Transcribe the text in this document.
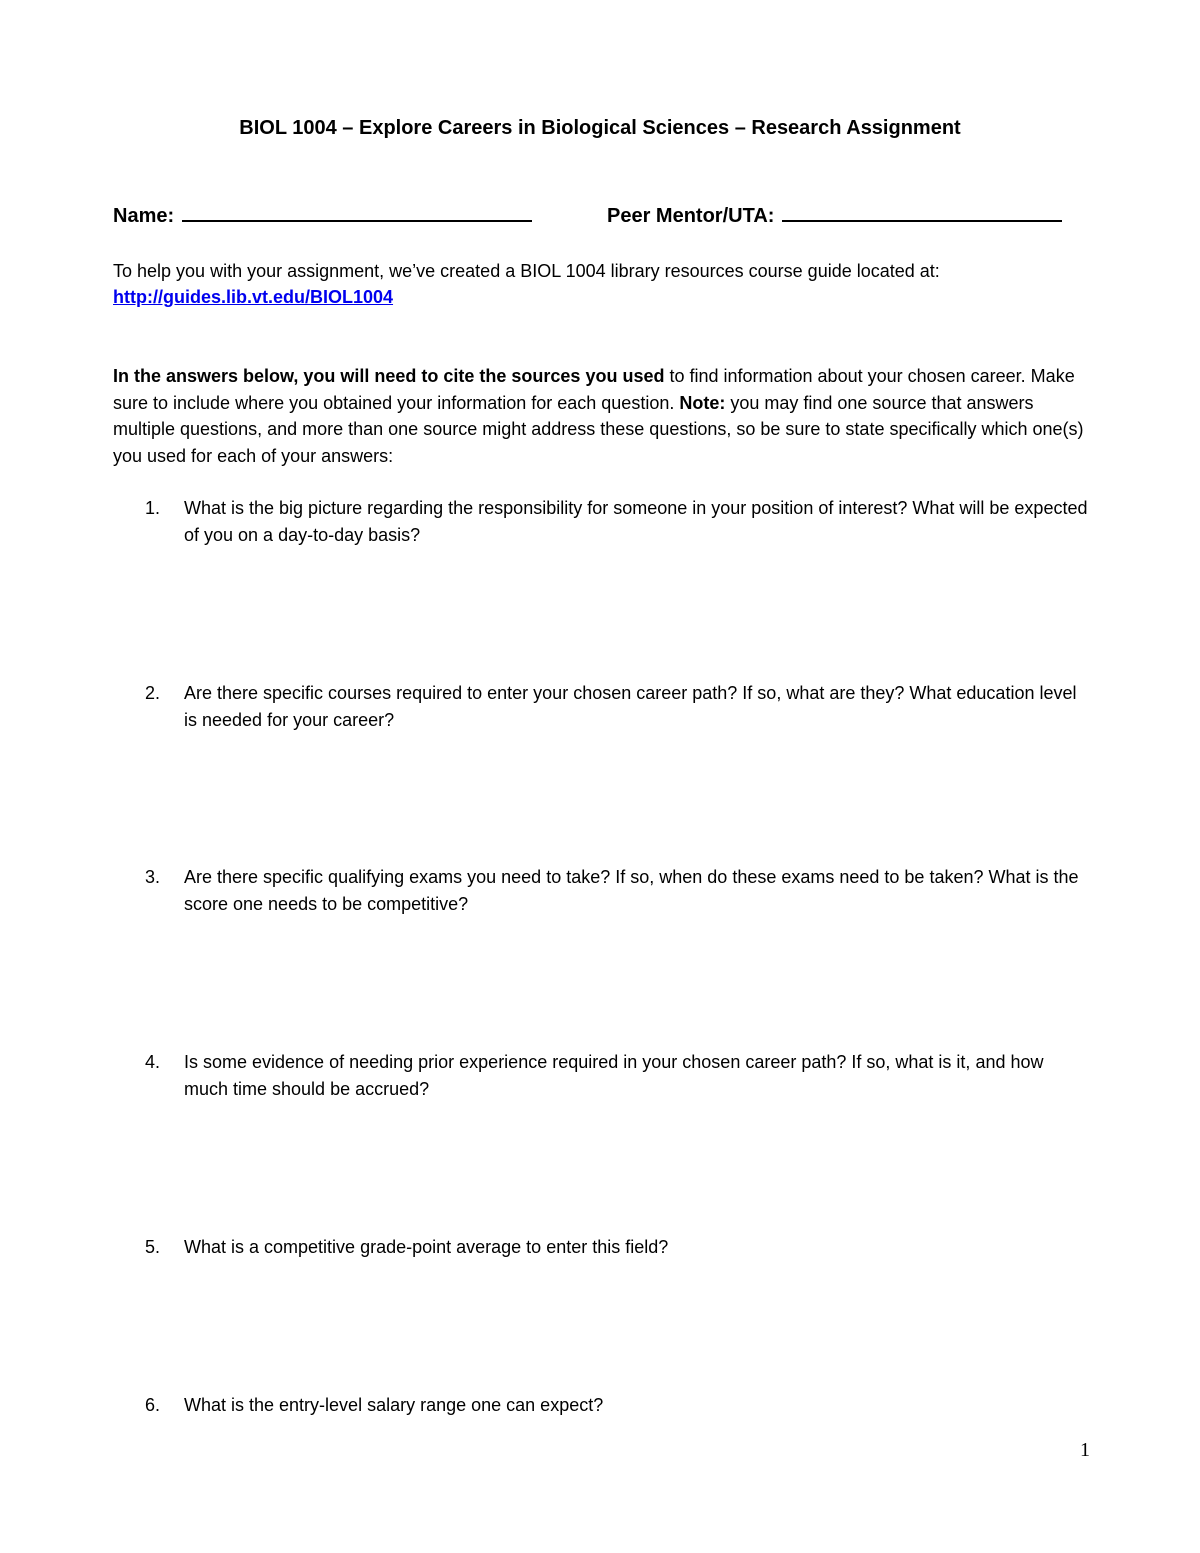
BIOL 1004 – Explore Careers in Biological Sciences – Research Assignment
Name:	Peer Mentor/UTA:
To help you with your assignment, we’ve created a BIOL 1004 library resources course guide located at:
http://guides.lib.vt.edu/BIOL1004
In the answers below, you will need to cite the sources you used to find information about your chosen career. Make sure to include where you obtained your information for each question. Note: you may find one source that answers multiple questions, and more than one source might address these questions, so be sure to state specifically which one(s) you used for each of your answers:
1.	What is the big picture regarding the responsibility for someone in your position of interest? What will be expected of you on a day-to-day basis?
2.	Are there specific courses required to enter your chosen career path? If so, what are they? What education level is needed for your career?
3.	Are there specific qualifying exams you need to take? If so, when do these exams need to be taken? What is the score one needs to be competitive?
4.	Is some evidence of needing prior experience required in your chosen career path? If so, what is it, and how much time should be accrued?
5.	What is a competitive grade-point average to enter this field?
6.	What is the entry-level salary range one can expect?
1
